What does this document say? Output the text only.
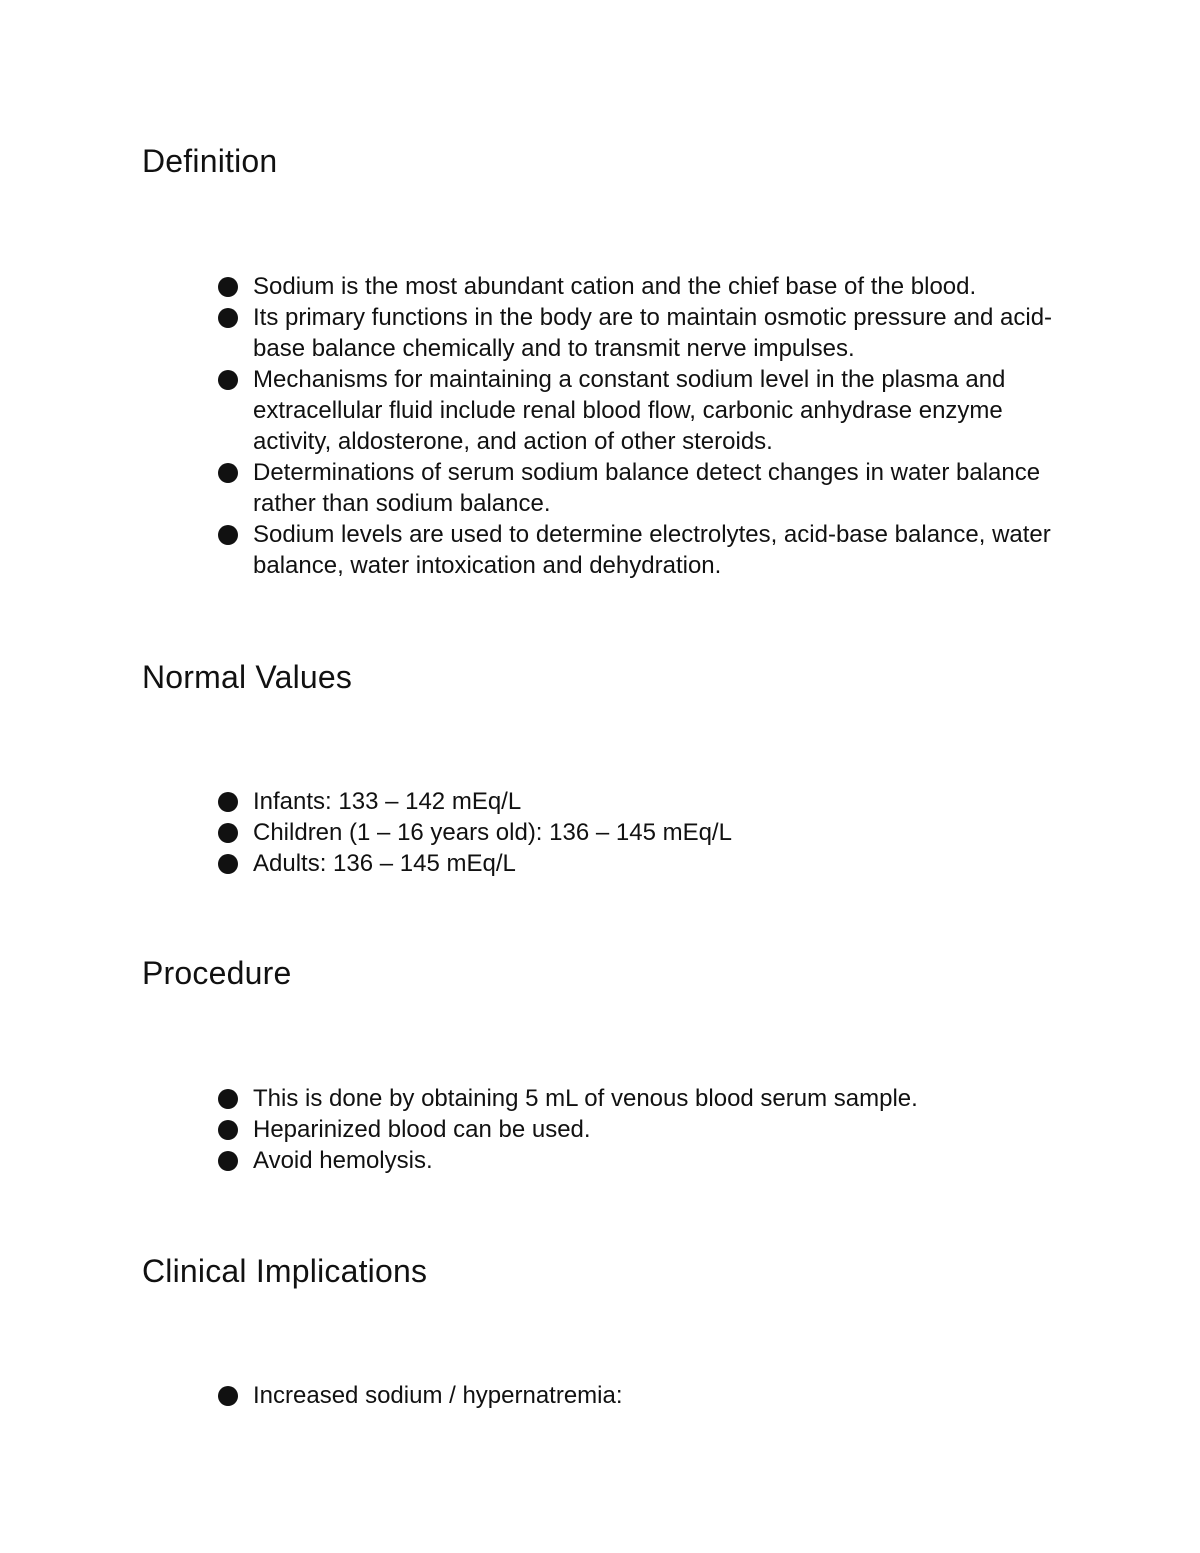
Definition
Sodium is the most abundant cation and the chief base of the blood.
Its primary functions in the body are to maintain osmotic pressure and acid-base balance chemically and to transmit nerve impulses.
Mechanisms for maintaining a constant sodium level in the plasma and extracellular fluid include renal blood flow, carbonic anhydrase enzyme activity, aldosterone, and action of other steroids.
Determinations of serum sodium balance detect changes in water balance rather than sodium balance.
Sodium levels are used to determine electrolytes, acid-base balance, water balance, water intoxication and dehydration.
Normal Values
Infants: 133 – 142 mEq/L
Children (1 – 16 years old): 136 – 145 mEq/L
Adults: 136 – 145 mEq/L
Procedure
This is done by obtaining 5 mL of venous blood serum sample.
Heparinized blood can be used.
Avoid hemolysis.
Clinical Implications
Increased sodium / hypernatremia:
